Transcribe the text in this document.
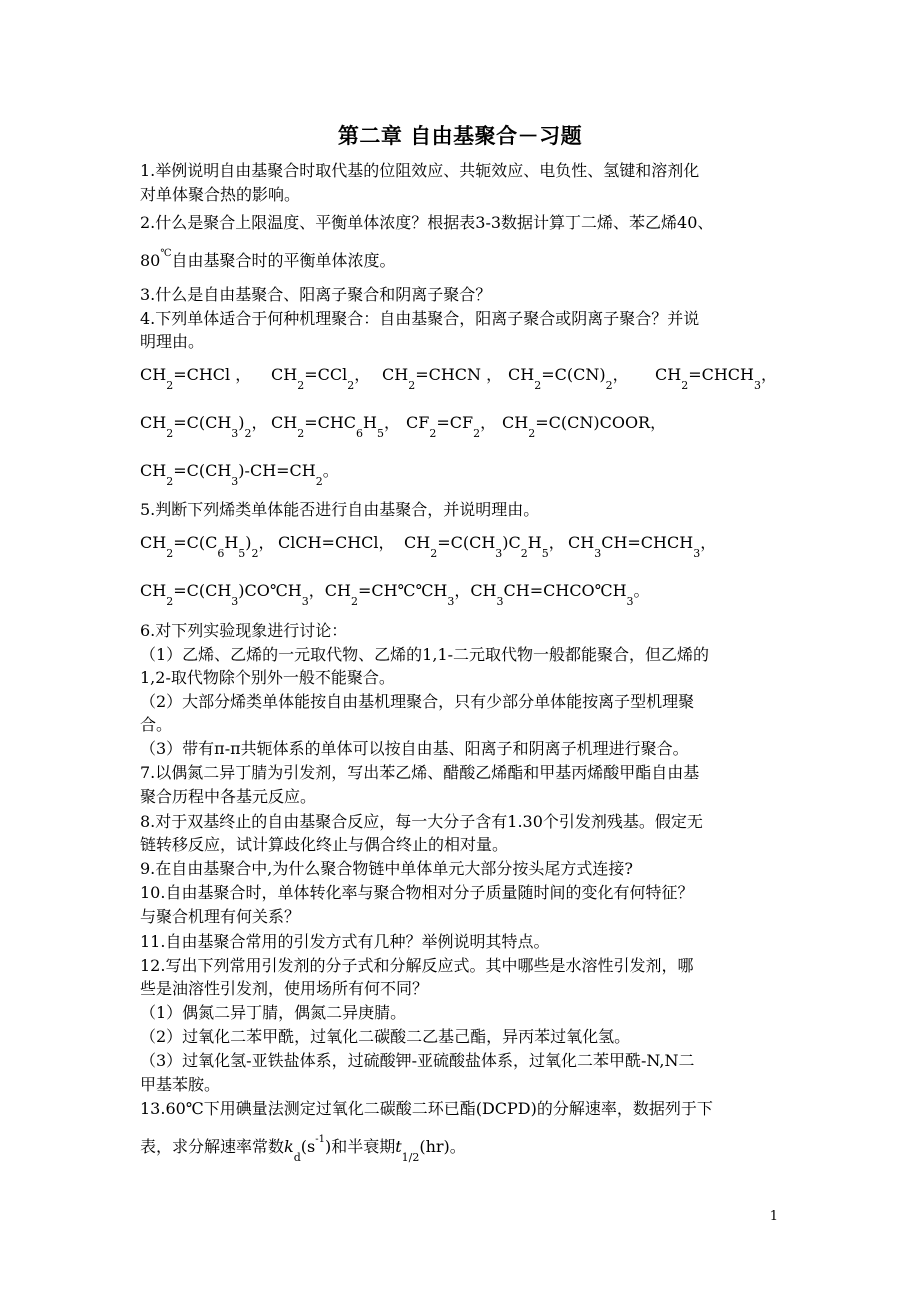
第二章 自由基聚合－习题
1.举例说明自由基聚合时取代基的位阻效应、共轭效应、电负性、氢键和溶剂化
对单体聚合热的影响。
2.什么是聚合上限温度、平衡单体浓度？根据表3-3数据计算丁二烯、苯乙烯40、
80℃自由基聚合时的平衡单体浓度。
3.什么是自由基聚合、阳离子聚合和阴离子聚合？
4.下列单体适合于何种机理聚合：自由基聚合，阳离子聚合或阴离子聚合？并说
明理由。
$CH_2=CHCl$ ， $CH_2=CCl_2$， $CH_2=CHCN$ ， $CH_2=C(CN)_2$， $CH_2=CHCH_3$，
$CH_2=C(CH_3)_2$， $CH_2=CHC_6H_5$， $CF_2=CF_2$， $CH_2=C(CN)COOR$，
$CH_2=C(CH_3)-CH=CH_2$。
5.判断下列烯类单体能否进行自由基聚合，并说明理由。
$CH_2=C(C_6H_5)_2$， ClCH=CHCl， $CH_2=C(CH_3)C_2H_5$， $CH_3CH=CHCH_3$，
$CH_2=C(CH_3)CO℃H_3$，$CH_2=CH℃℃H_3$，$CH_3CH=CHCO℃H_3$。
6.对下列实验现象进行讨论：
（1）乙烯、乙烯的一元取代物、乙烯的1,1-二元取代物一般都能聚合，但乙烯的
1,2-取代物除个别外一般不能聚合。
（2）大部分烯类单体能按自由基机理聚合，只有少部分单体能按离子型机理聚
合。
（3）带有π-π共轭体系的单体可以按自由基、阳离子和阴离子机理进行聚合。
7.以偶氮二异丁腈为引发剂，写出苯乙烯、醋酸乙烯酯和甲基丙烯酸甲酯自由基
聚合历程中各基元反应。
8.对于双基终止的自由基聚合反应，每一大分子含有1.30个引发剂残基。假定无
链转移反应，试计算歧化终止与偶合终止的相对量。
9.在自由基聚合中,为什么聚合物链中单体单元大部分按头尾方式连接?
10.自由基聚合时，单体转化率与聚合物相对分子质量随时间的变化有何特征？
与聚合机理有何关系？
11.自由基聚合常用的引发方式有几种？举例说明其特点。
12.写出下列常用引发剂的分子式和分解反应式。其中哪些是水溶性引发剂，哪
些是油溶性引发剂，使用场所有何不同？
（1）偶氮二异丁腈，偶氮二异庚腈。
（2）过氧化二苯甲酰，过氧化二碳酸二乙基己酯，异丙苯过氧化氢。
（3）过氧化氢-亚铁盐体系，过硫酸钾-亚硫酸盐体系，过氧化二苯甲酰-N,N二
甲基苯胺。
13.60℃下用碘量法测定过氧化二碳酸二环已酯(DCPD)的分解速率，数据列于下
表，求分解速率常数$k_d(s^{-1})$和半衰期$t_{1/2}(hr)$。
1
